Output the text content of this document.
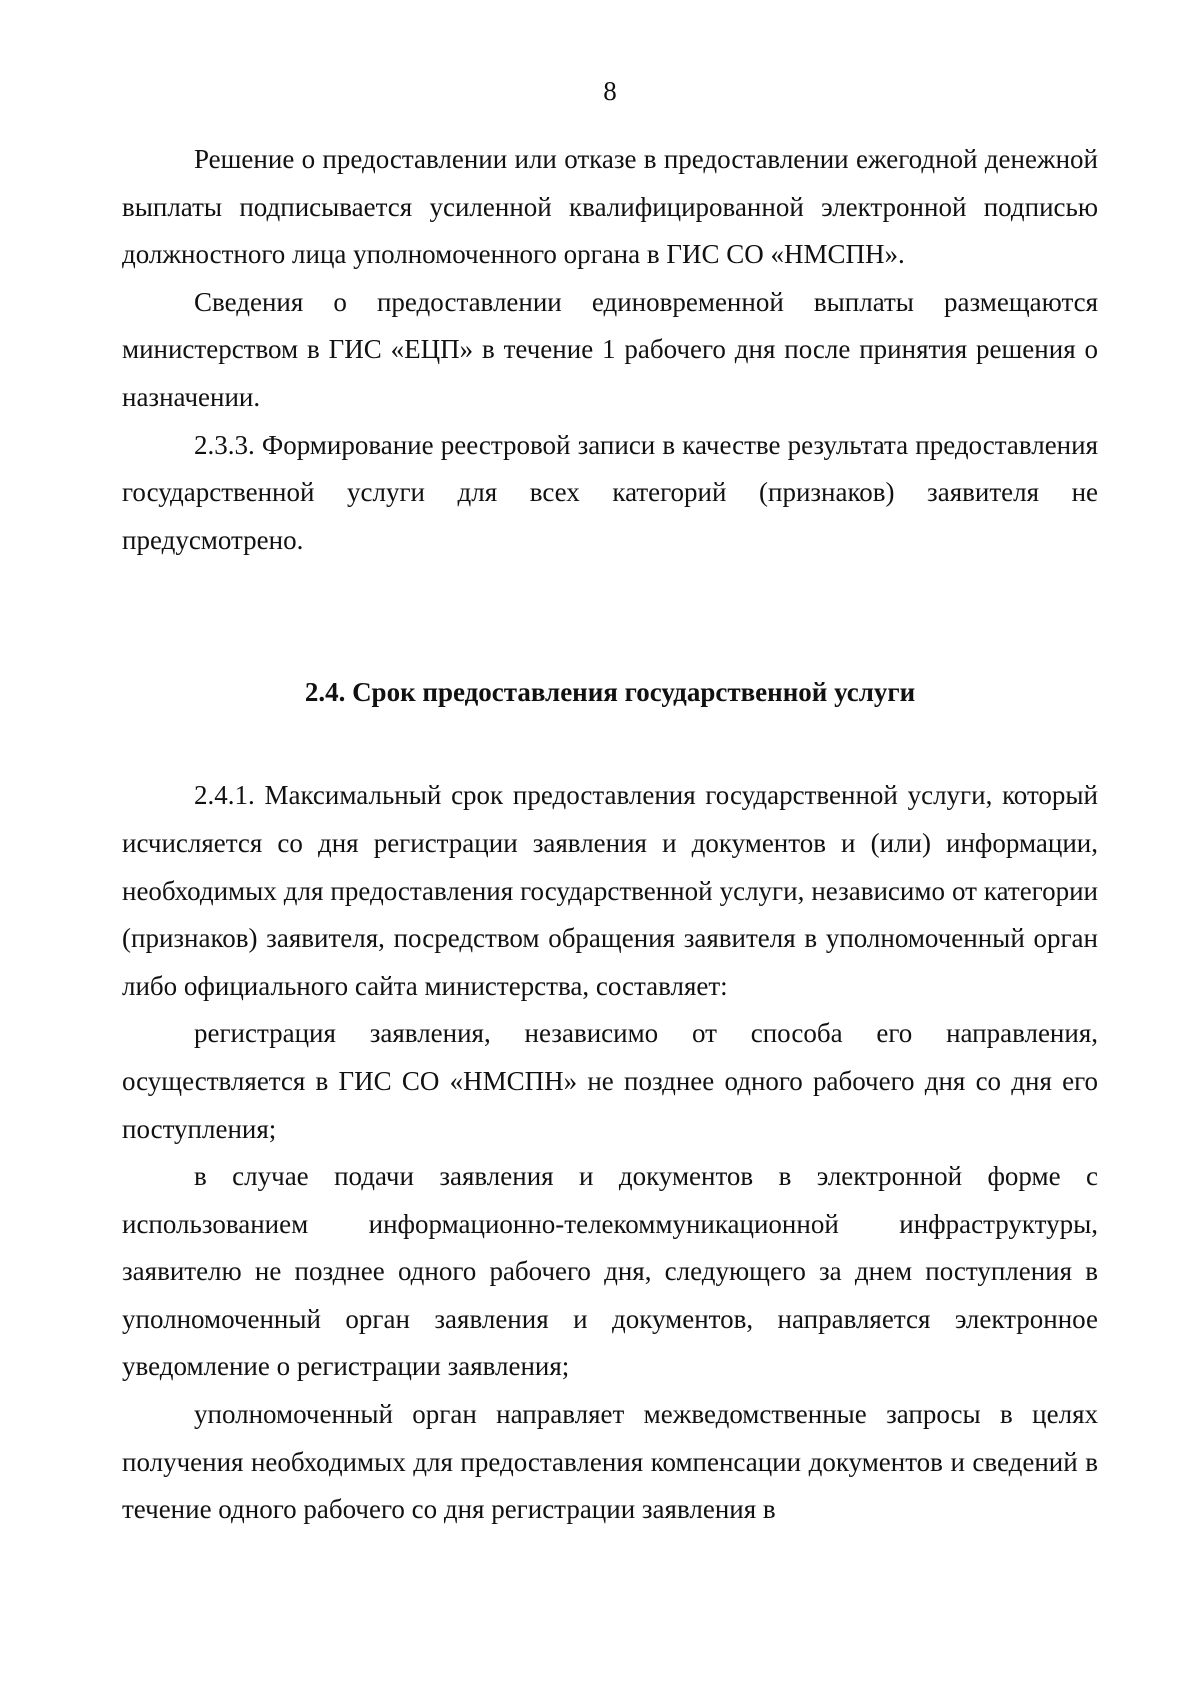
8

Решение о предоставлении или отказе в предоставлении ежегодной денежной выплаты подписывается усиленной квалифицированной электронной подписью должностного лица уполномоченного органа в ГИС СО «НМСПН».

Сведения о предоставлении единовременной выплаты размещаются министерством в ГИС «ЕЦП» в течение 1 рабочего дня после принятия решения о назначении.

2.3.3. Формирование реестровой записи в качестве результата предоставления государственной услуги для всех категорий (признаков) заявителя не предусмотрено.

2.4. Срок предоставления государственной услуги

2.4.1. Максимальный срок предоставления государственной услуги, который исчисляется со дня регистрации заявления и документов и (или) информации, необходимых для предоставления государственной услуги, независимо от категории (признаков) заявителя, посредством обращения заявителя в уполномоченный орган либо официального сайта министерства, составляет:

регистрация заявления, независимо от способа его направления, осуществляется в ГИС СО «НМСПН» не позднее одного рабочего дня со дня его поступления;

в случае подачи заявления и документов в электронной форме с использованием информационно-телекоммуникационной инфраструктуры, заявителю не позднее одного рабочего дня, следующего за днем поступления в уполномоченный орган заявления и документов, направляется электронное уведомление о регистрации заявления;

уполномоченный орган направляет межведомственные запросы в целях получения необходимых для предоставления компенсации документов и сведений в течение одного рабочего со дня регистрации заявления в
